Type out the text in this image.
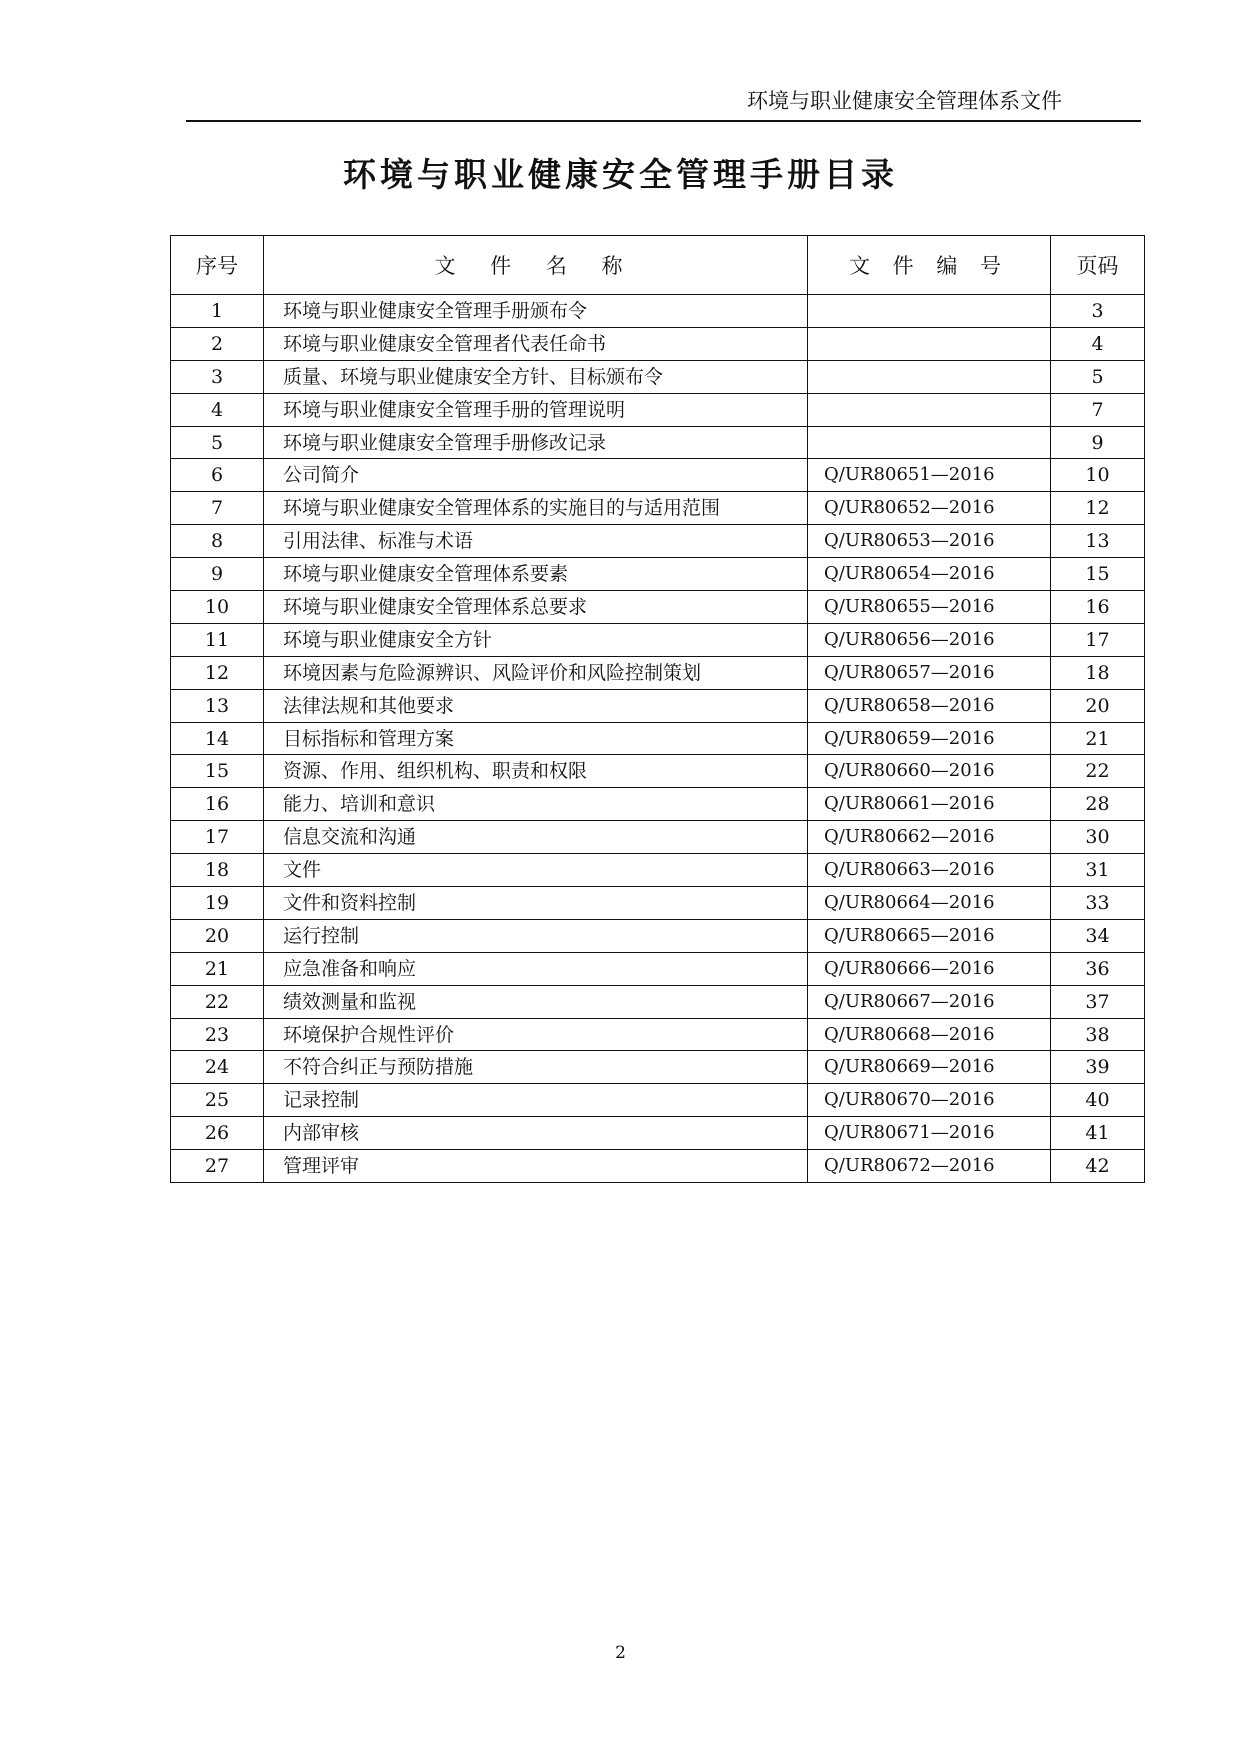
环境与职业健康安全管理体系文件
环境与职业健康安全管理手册目录
序号	文 件 名 称	文 件 编 号	页码
1	环境与职业健康安全管理手册颁布令		3
2	环境与职业健康安全管理者代表任命书		4
3	质量、环境与职业健康安全方针、目标颁布令		5
4	环境与职业健康安全管理手册的管理说明		7
5	环境与职业健康安全管理手册修改记录		9
6	公司简介	Q/UR80651—2016	10
7	环境与职业健康安全管理体系的实施目的与适用范围	Q/UR80652—2016	12
8	引用法律、标准与术语	Q/UR80653—2016	13
9	环境与职业健康安全管理体系要素	Q/UR80654—2016	15
10	环境与职业健康安全管理体系总要求	Q/UR80655—2016	16
11	环境与职业健康安全方针	Q/UR80656—2016	17
12	环境因素与危险源辨识、风险评价和风险控制策划	Q/UR80657—2016	18
13	法律法规和其他要求	Q/UR80658—2016	20
14	目标指标和管理方案	Q/UR80659—2016	21
15	资源、作用、组织机构、职责和权限	Q/UR80660—2016	22
16	能力、培训和意识	Q/UR80661—2016	28
17	信息交流和沟通	Q/UR80662—2016	30
18	文件	Q/UR80663—2016	31
19	文件和资料控制	Q/UR80664—2016	33
20	运行控制	Q/UR80665—2016	34
21	应急准备和响应	Q/UR80666—2016	36
22	绩效测量和监视	Q/UR80667—2016	37
23	环境保护合规性评价	Q/UR80668—2016	38
24	不符合纠正与预防措施	Q/UR80669—2016	39
25	记录控制	Q/UR80670—2016	40
26	内部审核	Q/UR80671—2016	41
27	管理评审	Q/UR80672—2016	42
2
